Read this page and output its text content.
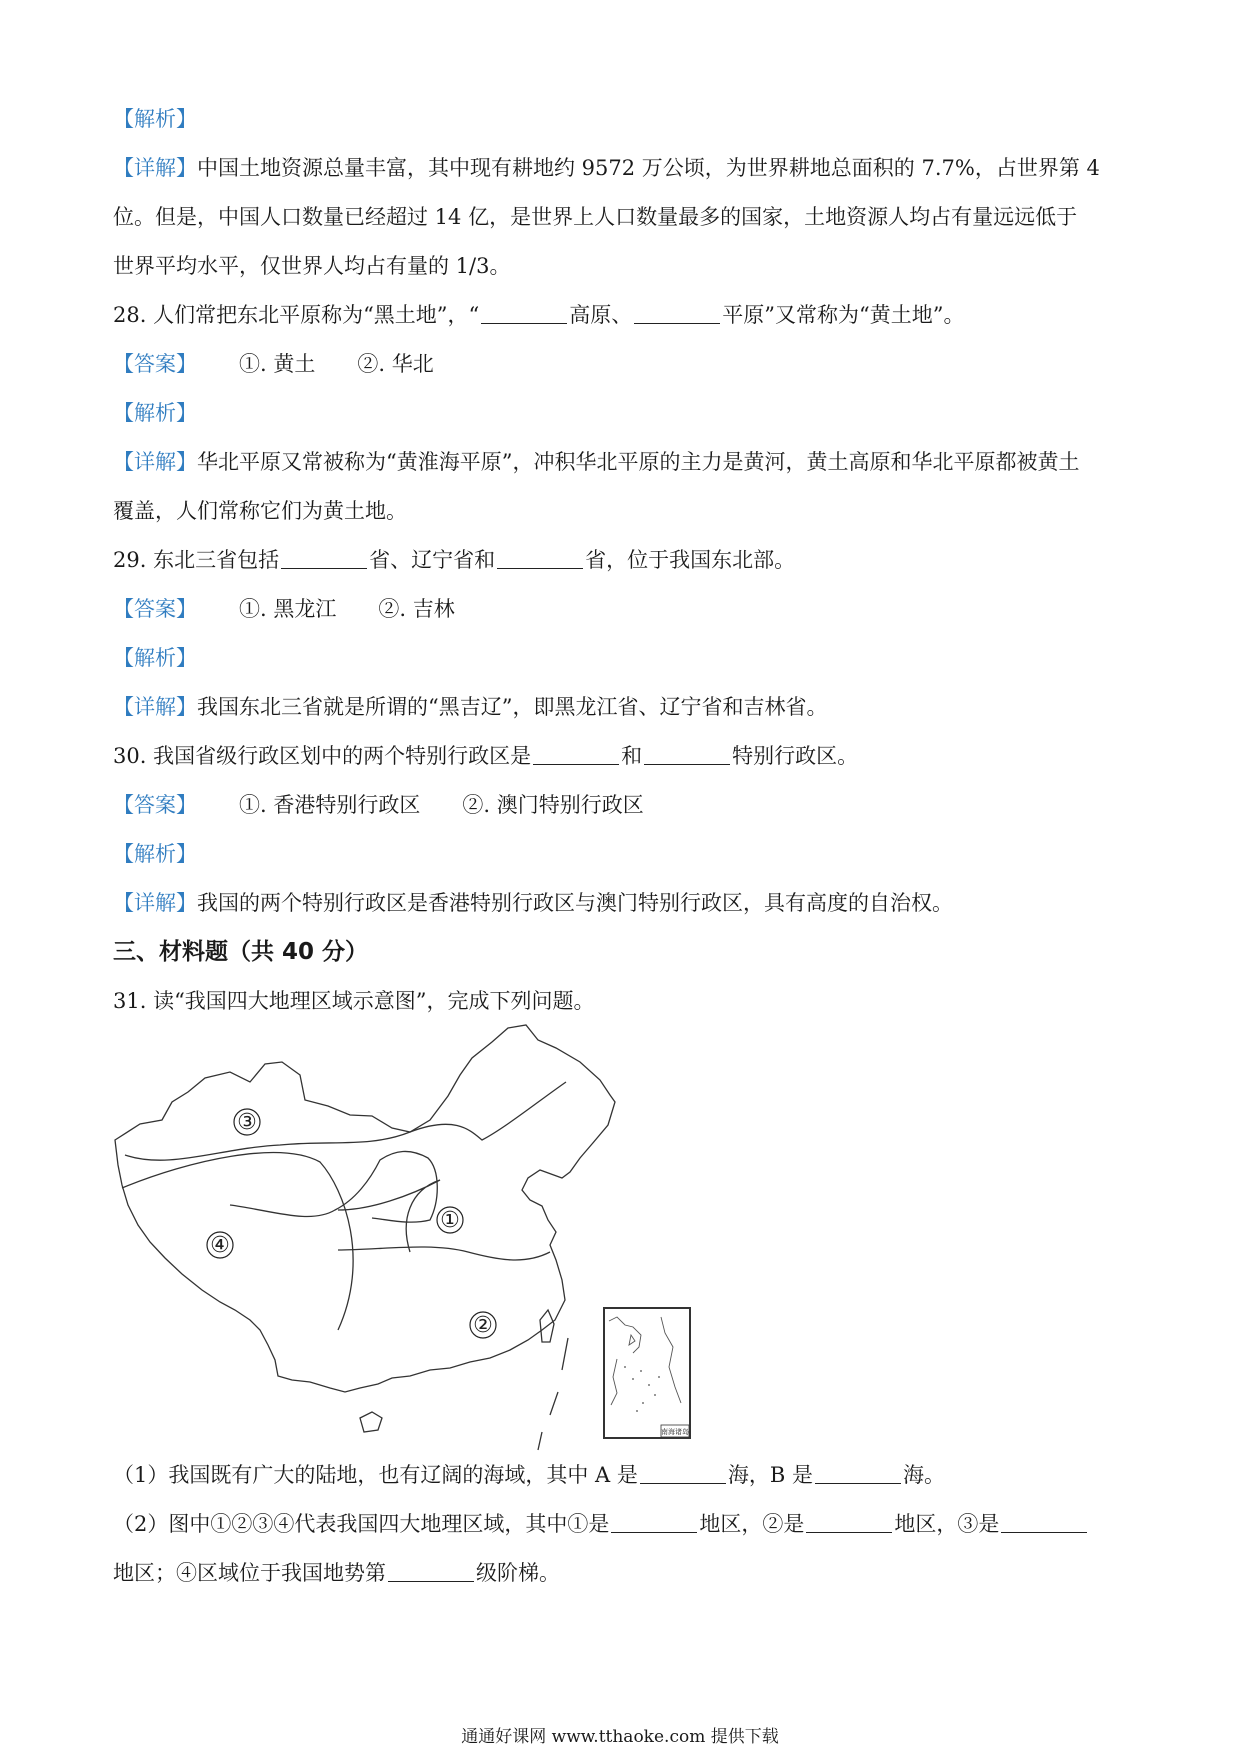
【解析】
【详解】中国土地资源总量丰富，其中现有耕地约 9572 万公顷，为世界耕地总面积的 7.7%，占世界第 4
位。但是，中国人口数量已经超过 14 亿，是世界上人口数量最多的国家，土地资源人均占有量远远低于
世界平均水平，仅世界人均占有量的 1/3。
28. 人们常把东北平原称为“黑土地”，“	高原、	平原”又常称为“黄土地”。
【答案】 ①. 黄土 ②. 华北
【解析】
【详解】华北平原又常被称为“黄淮海平原”，冲积华北平原的主力是黄河，黄土高原和华北平原都被黄土
覆盖，人们常称它们为黄土地。
29. 东北三省包括	省、辽宁省和	省，位于我国东北部。
【答案】 ①. 黑龙江 ②. 吉林
【解析】
【详解】我国东北三省就是所谓的“黑吉辽”，即黑龙江省、辽宁省和吉林省。
30. 我国省级行政区划中的两个特别行政区是	和	特别行政区。
【答案】 ①. 香港特别行政区 ②. 澳门特别行政区
【解析】
【详解】我国的两个特别行政区是香港特别行政区与澳门特别行政区，具有高度的自治权。
三、材料题（共 40 分）
31. 读“我国四大地理区域示意图”，完成下列问题。
③
④
①
②
南海诸岛
（1）我国既有广大的陆地，也有辽阔的海域，其中 A 是	海，B 是	海。
（2）图中①②③④代表我国四大地理区域，其中①是	地区，②是	地区，③是
地区；④区域位于我国地势第	级阶梯。
通通好课网 www.tthaoke.com 提供下载
